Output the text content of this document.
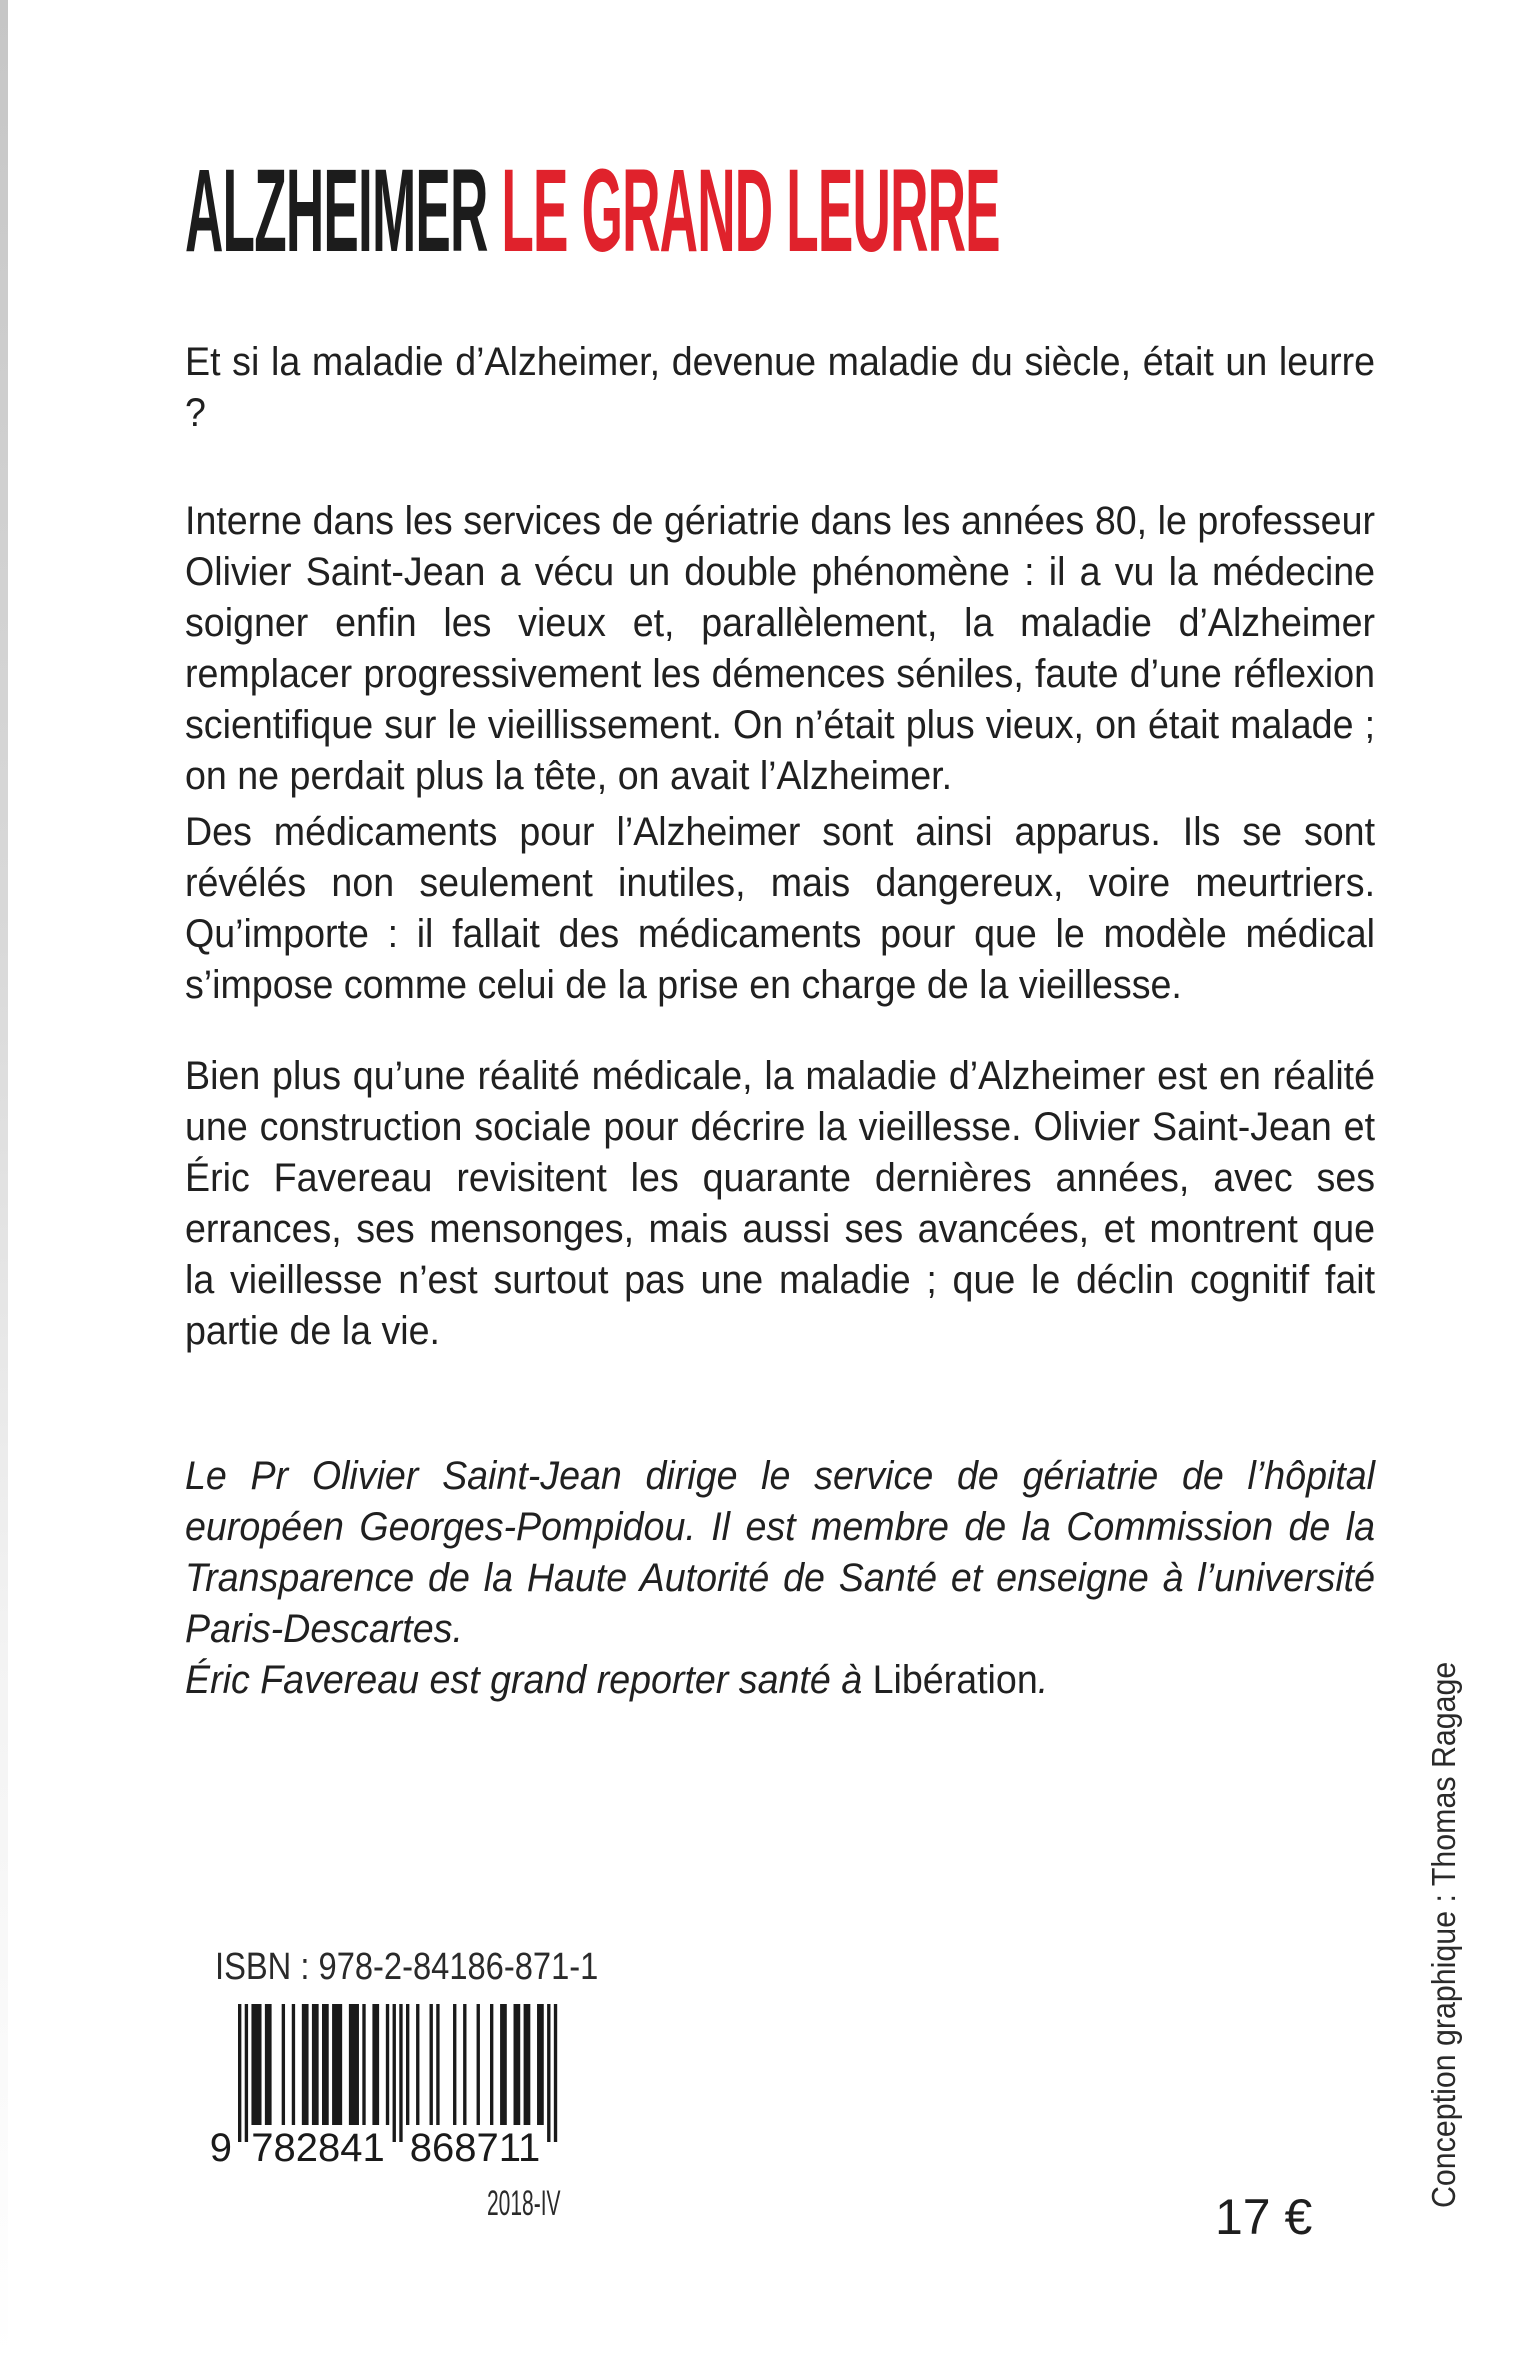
ALZHEIMER LE GRAND LEURRE

Et si la maladie d’Alzheimer, devenue maladie du siècle, était un leurre ?

Interne dans les services de gériatrie dans les années 80, le professeur Olivier Saint-Jean a vécu un double phénomène : il a vu la médecine soigner enfin les vieux et, parallèlement, la maladie d’Alzheimer remplacer progressivement les démences séniles, faute d’une réflexion scientifique sur le vieillissement. On n’était plus vieux, on était malade ; on ne perdait plus la tête, on avait l’Alzheimer.

Des médicaments pour l’Alzheimer sont ainsi apparus. Ils se sont révélés non seulement inutiles, mais dangereux, voire meurtriers. Qu’importe : il fallait des médicaments pour que le modèle médical s’impose comme celui de la prise en charge de la vieillesse.

Bien plus qu’une réalité médicale, la maladie d’Alzheimer est en réalité une construction sociale pour décrire la vieillesse. Olivier Saint-Jean et Éric Favereau revisitent les quarante dernières années, avec ses errances, ses mensonges, mais aussi ses avancées, et montrent que la vieillesse n’est surtout pas une maladie ; que le déclin cognitif fait partie de la vie.

Le Pr Olivier Saint-Jean dirige le service de gériatrie de l’hôpital européen Georges-Pompidou. Il est membre de la Commission de la Transparence de la Haute Autorité de Santé et enseigne à l’université Paris-Descartes.

Éric Favereau est grand reporter santé à Libération.

ISBN : 978-2-84186-871-1
9 782841 868711
2018-IV	17 €
Conception graphique : Thomas Ragage
